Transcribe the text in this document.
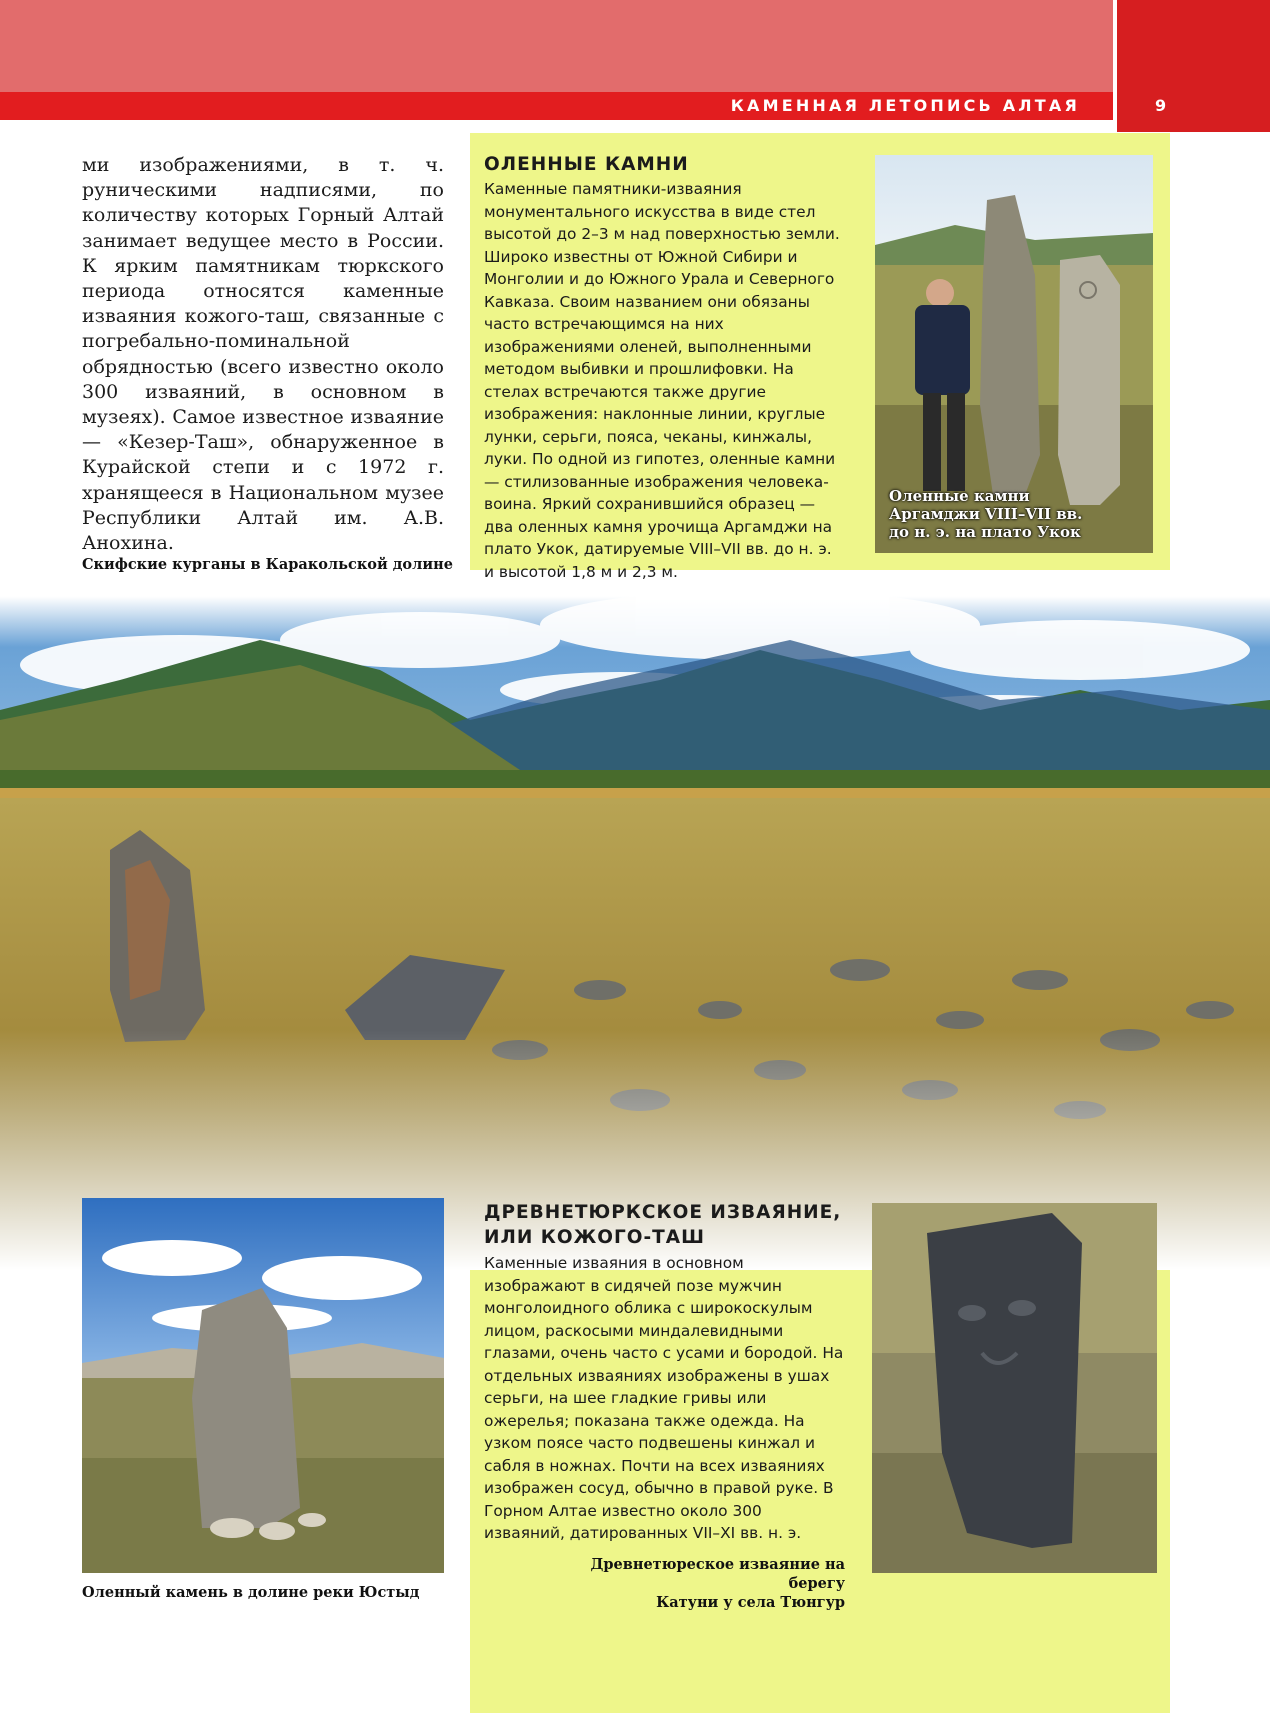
КАМЕННАЯ ЛЕТОПИСЬ АЛТАЯ	9

ми изображениями, в т. ч. руническими надписями, по количеству которых Горный Алтай занимает ведущее место в России. К ярким памятникам тюркского периода относятся каменные изваяния кожого-таш, связанные с погребально-поминальной обрядностью (всего известно около 300 изваяний, в основном в музеях). Самое известное изваяние — «Кезер-Таш», обнаруженное в Курайской степи и с 1972 г. хранящееся в Национальном музее Республики Алтай им. А.В. Анохина.

Скифские курганы в Каракольской долине

ОЛЕННЫЕ КАМНИ

Каменные памятники-изваяния монументального искусства в виде стел высотой до 2–3 м над поверхностью земли. Широко известны от Южной Сибири и Монголии и до Южного Урала и Северного Кавказа. Своим названием они обязаны часто встречающимся на них изображениями оленей, выполненными методом выбивки и прошлифовки. На стелах встречаются также другие изображения: наклонные линии, круглые лунки, серьги, пояса, чеканы, кинжалы, луки. По одной из гипотез, оленные камни — стилизованные изображения человека-воина. Яркий сохранившийся образец — два оленных камня урочища Аргамджи на плато Укок, датируемые VIII–VII вв. до н. э. и высотой 1,8 м и 2,3 м.

Оленные камни
Аргамджи VIII–VII вв.
до н. э. на плато Укок

ДРЕВНЕТЮРКСКОЕ ИЗВАЯНИЕ,
ИЛИ КОЖОГО-ТАШ

Каменные изваяния в основном изображают в сидячей позе мужчин монголоидного облика с широкоскулым лицом, раскосыми миндалевидными глазами, очень часто с усами и бородой. На отдельных изваяниях изображены в ушах серьги, на шее гладкие гривы или ожерелья; показана также одежда. На узком поясе часто подвешены кинжал и сабля в ножнах. Почти на всех изваяниях изображен сосуд, обычно в правой руке. В Горном Алтае известно около 300 изваяний, датированных VII–XI вв. н. э.

Древнетюреское изваяние на берегу
Катуни у села Тюнгур

Оленный камень в долине реки Юстыд
